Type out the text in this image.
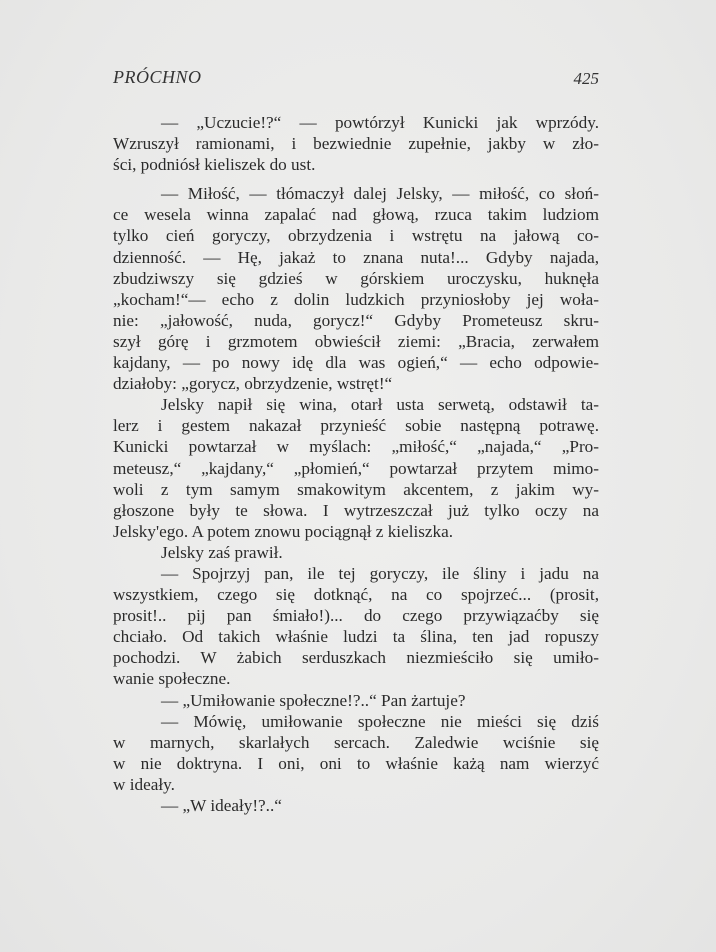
PRÓCHNO	425
— „Uczucie!?“ — powtórzył Kunicki jak wprzódy.
Wzruszył ramionami, i bezwiednie zupełnie, jakby w zło-
ści, podniósł kieliszek do ust.
— Miłość, — tłómaczył dalej Jelsky, — miłość, co słoń-
ce wesela winna zapalać nad głową, rzuca takim ludziom
tylko cień goryczy, obrzydzenia i wstrętu na jałową co-
dzienność. — Hę, jakaż to znana nuta!... Gdyby najada,
zbudziwszy się gdzieś w górskiem uroczysku, huknęła
„kocham!“— echo z dolin ludzkich przyniosłoby jej woła-
nie: „jałowość, nuda, gorycz!“ Gdyby Prometeusz skru-
szył górę i grzmotem obwieścił ziemi: „Bracia, zerwałem
kajdany, — po nowy idę dla was ogień,“ — echo odpowie-
działoby: „gorycz, obrzydzenie, wstręt!“
Jelsky napił się wina, otarł usta serwetą, odstawił ta-
lerz i gestem nakazał przynieść sobie następną potrawę.
Kunicki powtarzał w myślach: „miłość,“ „najada,“ „Pro-
meteusz,“ „kajdany,“ „płomień,“ powtarzał przytem mimo-
woli z tym samym smakowitym akcentem, z jakim wy-
głoszone były te słowa. I wytrzeszczał już tylko oczy na
Jelsky'ego. A potem znowu pociągnął z kieliszka.
Jelsky zaś prawił.
— Spojrzyj pan, ile tej goryczy, ile śliny i jadu na
wszystkiem, czego się dotknąć, na co spojrzeć... (prosit,
prosit!.. pij pan śmiało!)... do czego przywiązaćby się
chciało. Od takich właśnie ludzi ta ślina, ten jad ropuszy
pochodzi. W żabich serduszkach niezmieściło się umiło-
wanie społeczne.
— „Umiłowanie społeczne!?..“ Pan żartuje?
— Mówię, umiłowanie społeczne nie mieści się dziś
w marnych, skarlałych sercach. Zaledwie wciśnie się
w nie doktryna. I oni, oni to właśnie każą nam wierzyć
w ideały.
— „W ideały!?..“
